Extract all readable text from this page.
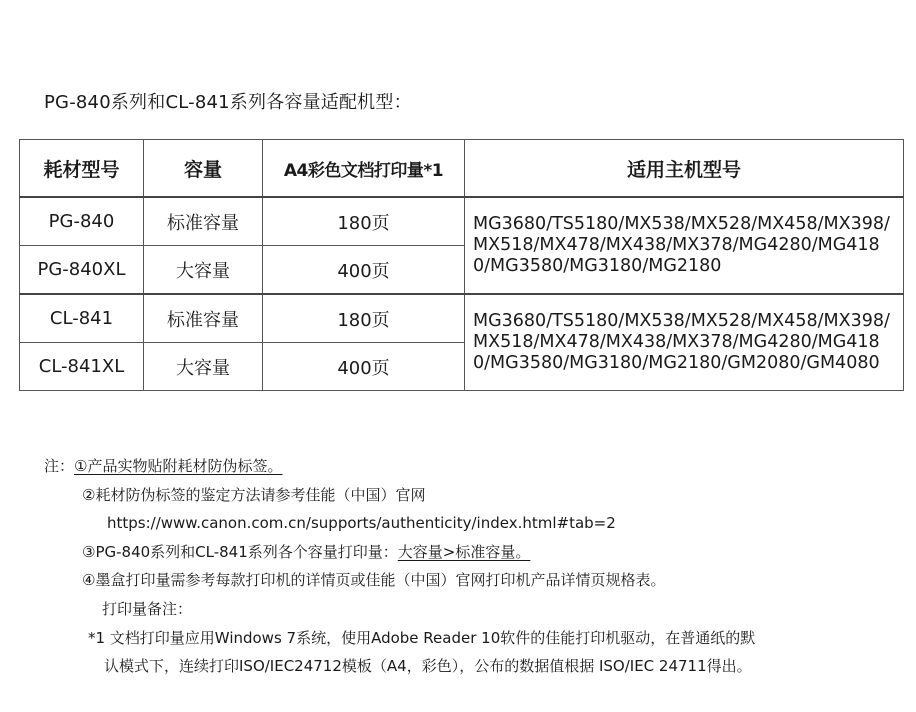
PG-840系列和CL-841系列各容量适配机型：
耗材型号	容量	A4彩色文档打印量*1	适用主机型号
PG-840	标准容量	180页	MG3680/TS5180/MX538/MX528/MX458/MX398/MX518/MX478/MX438/MX378/MG4280/MG4180/MG3580/MG3180/MG2180
PG-840XL	大容量	400页	
CL-841	标准容量	180页	MG3680/TS5180/MX538/MX528/MX458/MX398/MX518/MX478/MX438/MX378/MG4280/MG4180/MG3580/MG3180/MG2180/GM2080/GM4080
CL-841XL	大容量	400页	
注：①产品实物贴附耗材防伪标签。
②耗材防伪标签的鉴定方法请参考佳能（中国）官网
https://www.canon.com.cn/supports/authenticity/index.html#tab=2
③PG-840系列和CL-841系列各个容量打印量：大容量>标准容量。
④墨盒打印量需参考每款打印机的详情页或佳能（中国）官网打印机产品详情页规格表。
打印量备注：
*1 文档打印量应用Windows 7系统，使用Adobe Reader 10软件的佳能打印机驱动，在普通纸的默
认模式下，连续打印ISO/IEC24712模板（A4，彩色），公布的数据值根据 ISO/IEC 24711得出。
